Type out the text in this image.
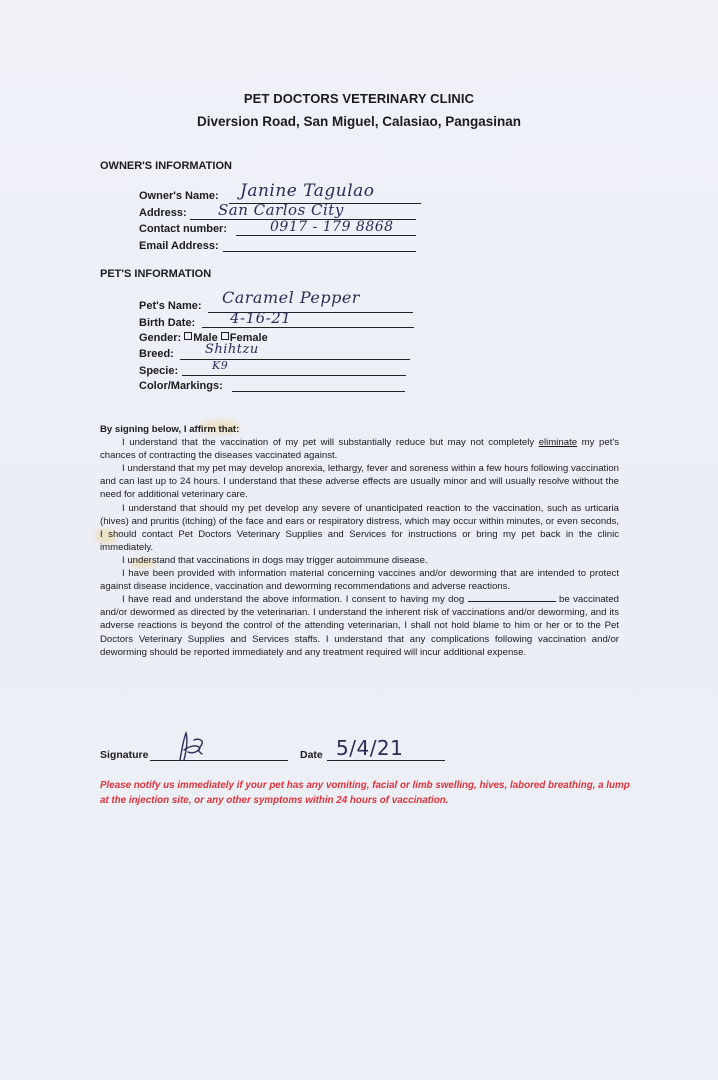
PET DOCTORS VETERINARY CLINIC
Diversion Road, San Miguel, Calasiao, Pangasinan
OWNER'S INFORMATION
Owner's Name: Janine Tagulao
Address: San Carlos City
Contact number:	0917 - 179 8868
Email Address:
PET'S INFORMATION
Pet's Name: Caramel Pepper
Birth Date: 4-16-21
Gender: Male Female
Breed: Shihtzu
Specie:	K9
Color/Markings:

By signing below, I affirm that:

I understand that the vaccination of my pet will substantially reduce but may not completely eliminate my pet's chances of contracting the diseases vaccinated against.

I understand that my pet may develop anorexia, lethargy, fever and soreness within a few hours following vaccination and can last up to 24 hours. I understand that these adverse effects are usually minor and will usually resolve without the need for additional veterinary care.

I understand that should my pet develop any severe of unanticipated reaction to the vaccination, such as urticaria (hives) and pruritis (itching) of the face and ears or respiratory distress, which may occur within minutes, or even seconds, I should contact Pet Doctors Veterinary Supplies and Services for instructions or bring my pet back in the clinic immediately.

I understand that vaccinations in dogs may trigger autoimmune disease.

I have been provided with information material concerning vaccines and/or deworming that are intended to protect against disease incidence, vaccination and deworming recommendations and adverse reactions.

I have read and understand the above information. I consent to having my dog	be vaccinated and/or dewormed as directed by the veterinarian. I understand the inherent risk of vaccinations and/or deworming, and its adverse reactions is beyond the control of the attending veterinarian, I shall not hold blame to him or her or to the Pet Doctors Veterinary Supplies and Services staffs. I understand that any complications following vaccination and/or deworming should be reported immediately and any treatment required will incur additional expense.

Signature	Date 5/4/21
Please notify us immediately if your pet has any vomiting, facial or limb swelling, hives, labored breathing, a lump at the injection site, or any other symptoms within 24 hours of vaccination.
